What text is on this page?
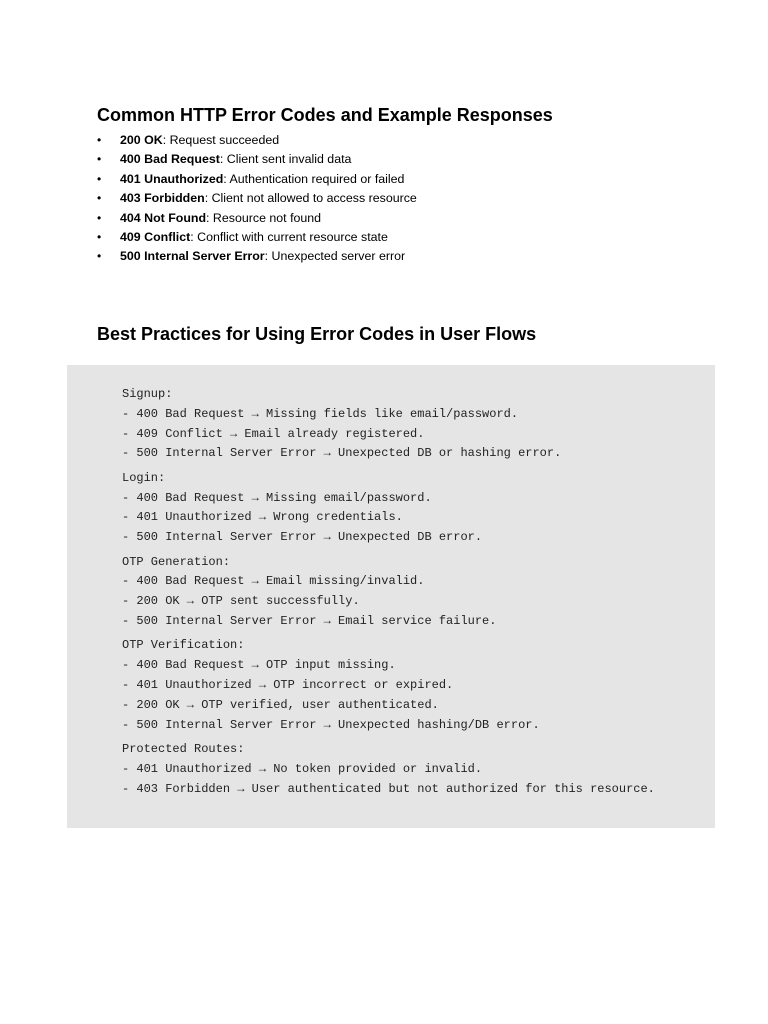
Common HTTP Error Codes and Example Responses
• 200 OK: Request succeeded
• 400 Bad Request: Client sent invalid data
• 401 Unauthorized: Authentication required or failed
• 403 Forbidden: Client not allowed to access resource
• 404 Not Found: Resource not found
• 409 Conflict: Conflict with current resource state
• 500 Internal Server Error: Unexpected server error
Best Practices for Using Error Codes in User Flows
Signup:
- 400 Bad Request → Missing fields like email/password.
- 409 Conflict → Email already registered.
- 500 Internal Server Error → Unexpected DB or hashing error.
Login:
- 400 Bad Request → Missing email/password.
- 401 Unauthorized → Wrong credentials.
- 500 Internal Server Error → Unexpected DB error.
OTP Generation:
- 400 Bad Request → Email missing/invalid.
- 200 OK → OTP sent successfully.
- 500 Internal Server Error → Email service failure.
OTP Verification:
- 400 Bad Request → OTP input missing.
- 401 Unauthorized → OTP incorrect or expired.
- 200 OK → OTP verified, user authenticated.
- 500 Internal Server Error → Unexpected hashing/DB error.
Protected Routes:
- 401 Unauthorized → No token provided or invalid.
- 403 Forbidden → User authenticated but not authorized for this resource.
